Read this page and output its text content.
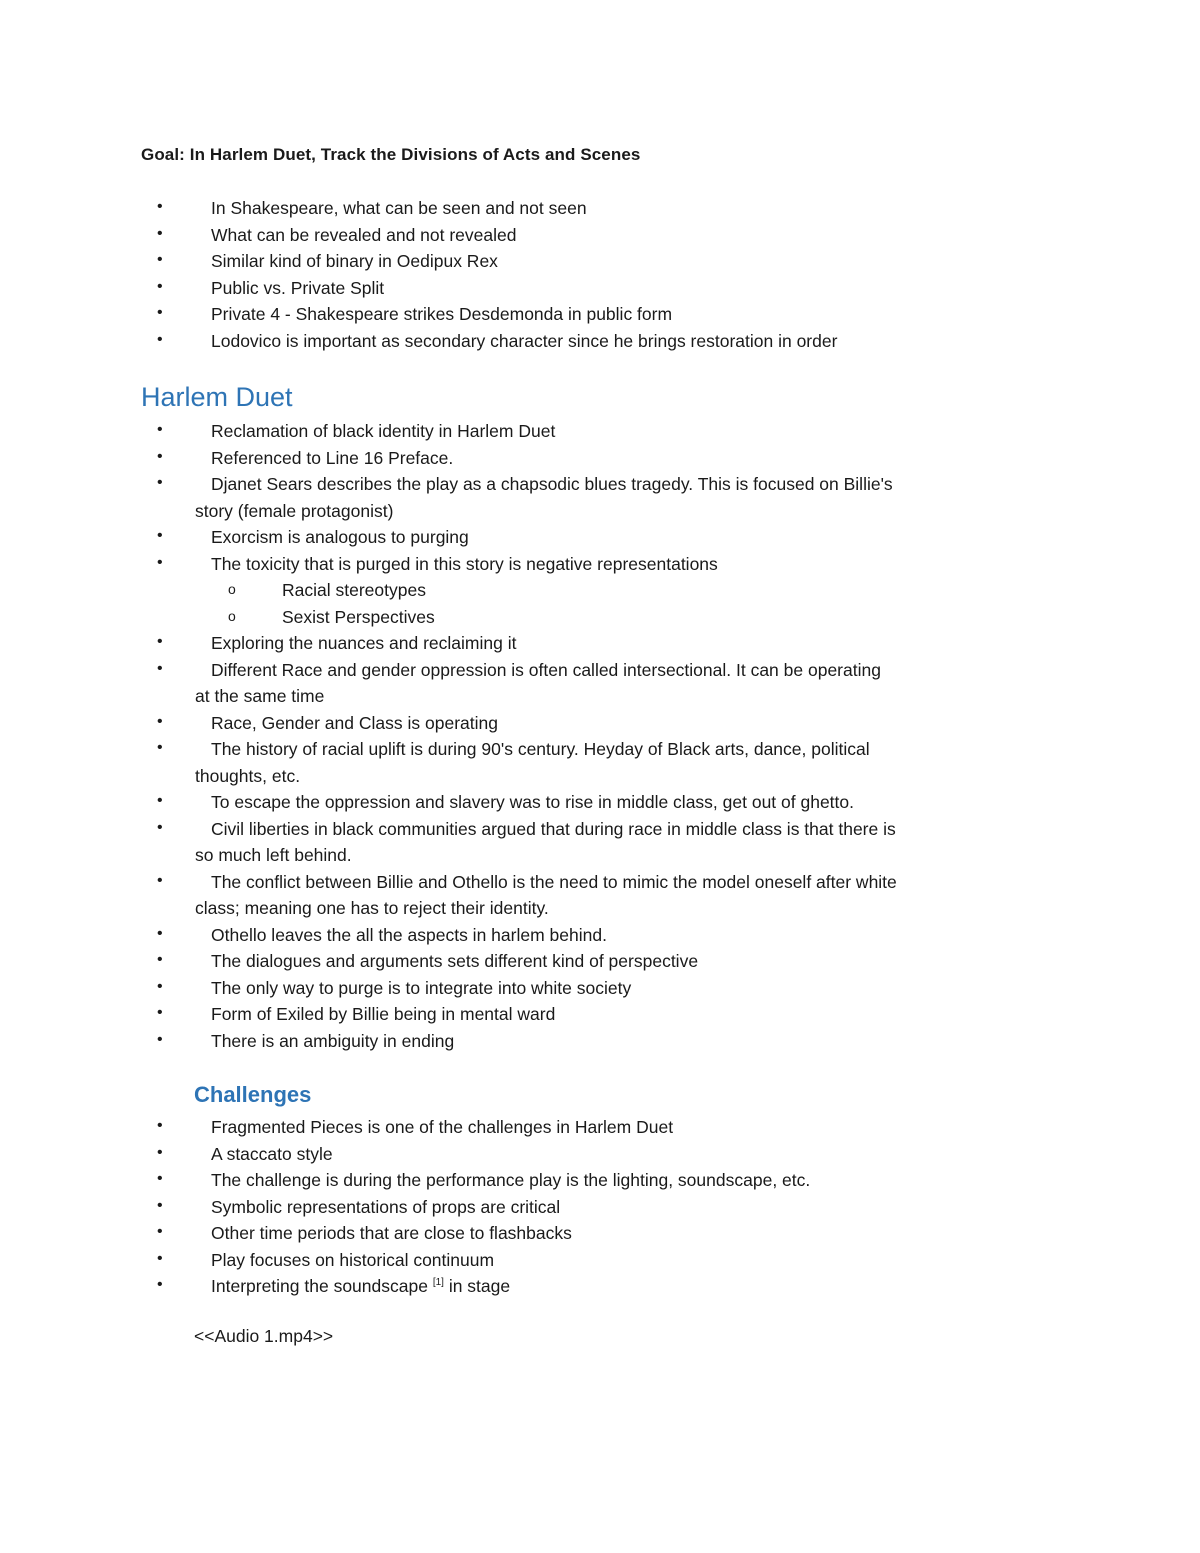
Goal: In Harlem Duet, Track the Divisions of Acts and Scenes
•	In Shakespeare, what can be seen and not seen
•	What can be revealed and not revealed
•	Similar kind of binary in Oedipux Rex
•	Public vs. Private Split
•	Private 4 - Shakespeare strikes Desdemonda in public form
•	Lodovico is important as secondary character since he brings restoration in order
Harlem Duet
•	Reclamation of black identity in Harlem Duet
•	Referenced to Line 16 Preface.
•	Djanet Sears describes the play as a chapsodic blues tragedy. This is focused on Billie's story (female protagonist)
•	Exorcism is analogous to purging
•	The toxicity that is purged in this story is negative representations
o	Racial stereotypes
o	Sexist Perspectives
•	Exploring the nuances and reclaiming it
•	Different Race and gender oppression is often called intersectional. It can be operating at the same time
•	Race, Gender and Class is operating
•	The history of racial uplift is during 90's century. Heyday of Black arts, dance, political thoughts, etc.
•	To escape the oppression and slavery was to rise in middle class, get out of ghetto.
•	Civil liberties in black communities argued that during race in middle class is that there is so much left behind.
•	The conflict between Billie and Othello is the need to mimic the model oneself after white class; meaning one has to reject their identity.
•	Othello leaves the all the aspects in harlem behind.
•	The dialogues and arguments sets different kind of perspective
•	The only way to purge is to integrate into white society
•	Form of Exiled by Billie being in mental ward
•	There is an ambiguity in ending
Challenges
•	Fragmented Pieces is one of the challenges in Harlem Duet
•	A staccato style
•	The challenge is during the performance play is the lighting, soundscape, etc.
•	Symbolic representations of props are critical
•	Other time periods that are close to flashbacks
•	Play focuses on historical continuum
•	Interpreting the soundscape [1] in stage
<<Audio 1.mp4>>
